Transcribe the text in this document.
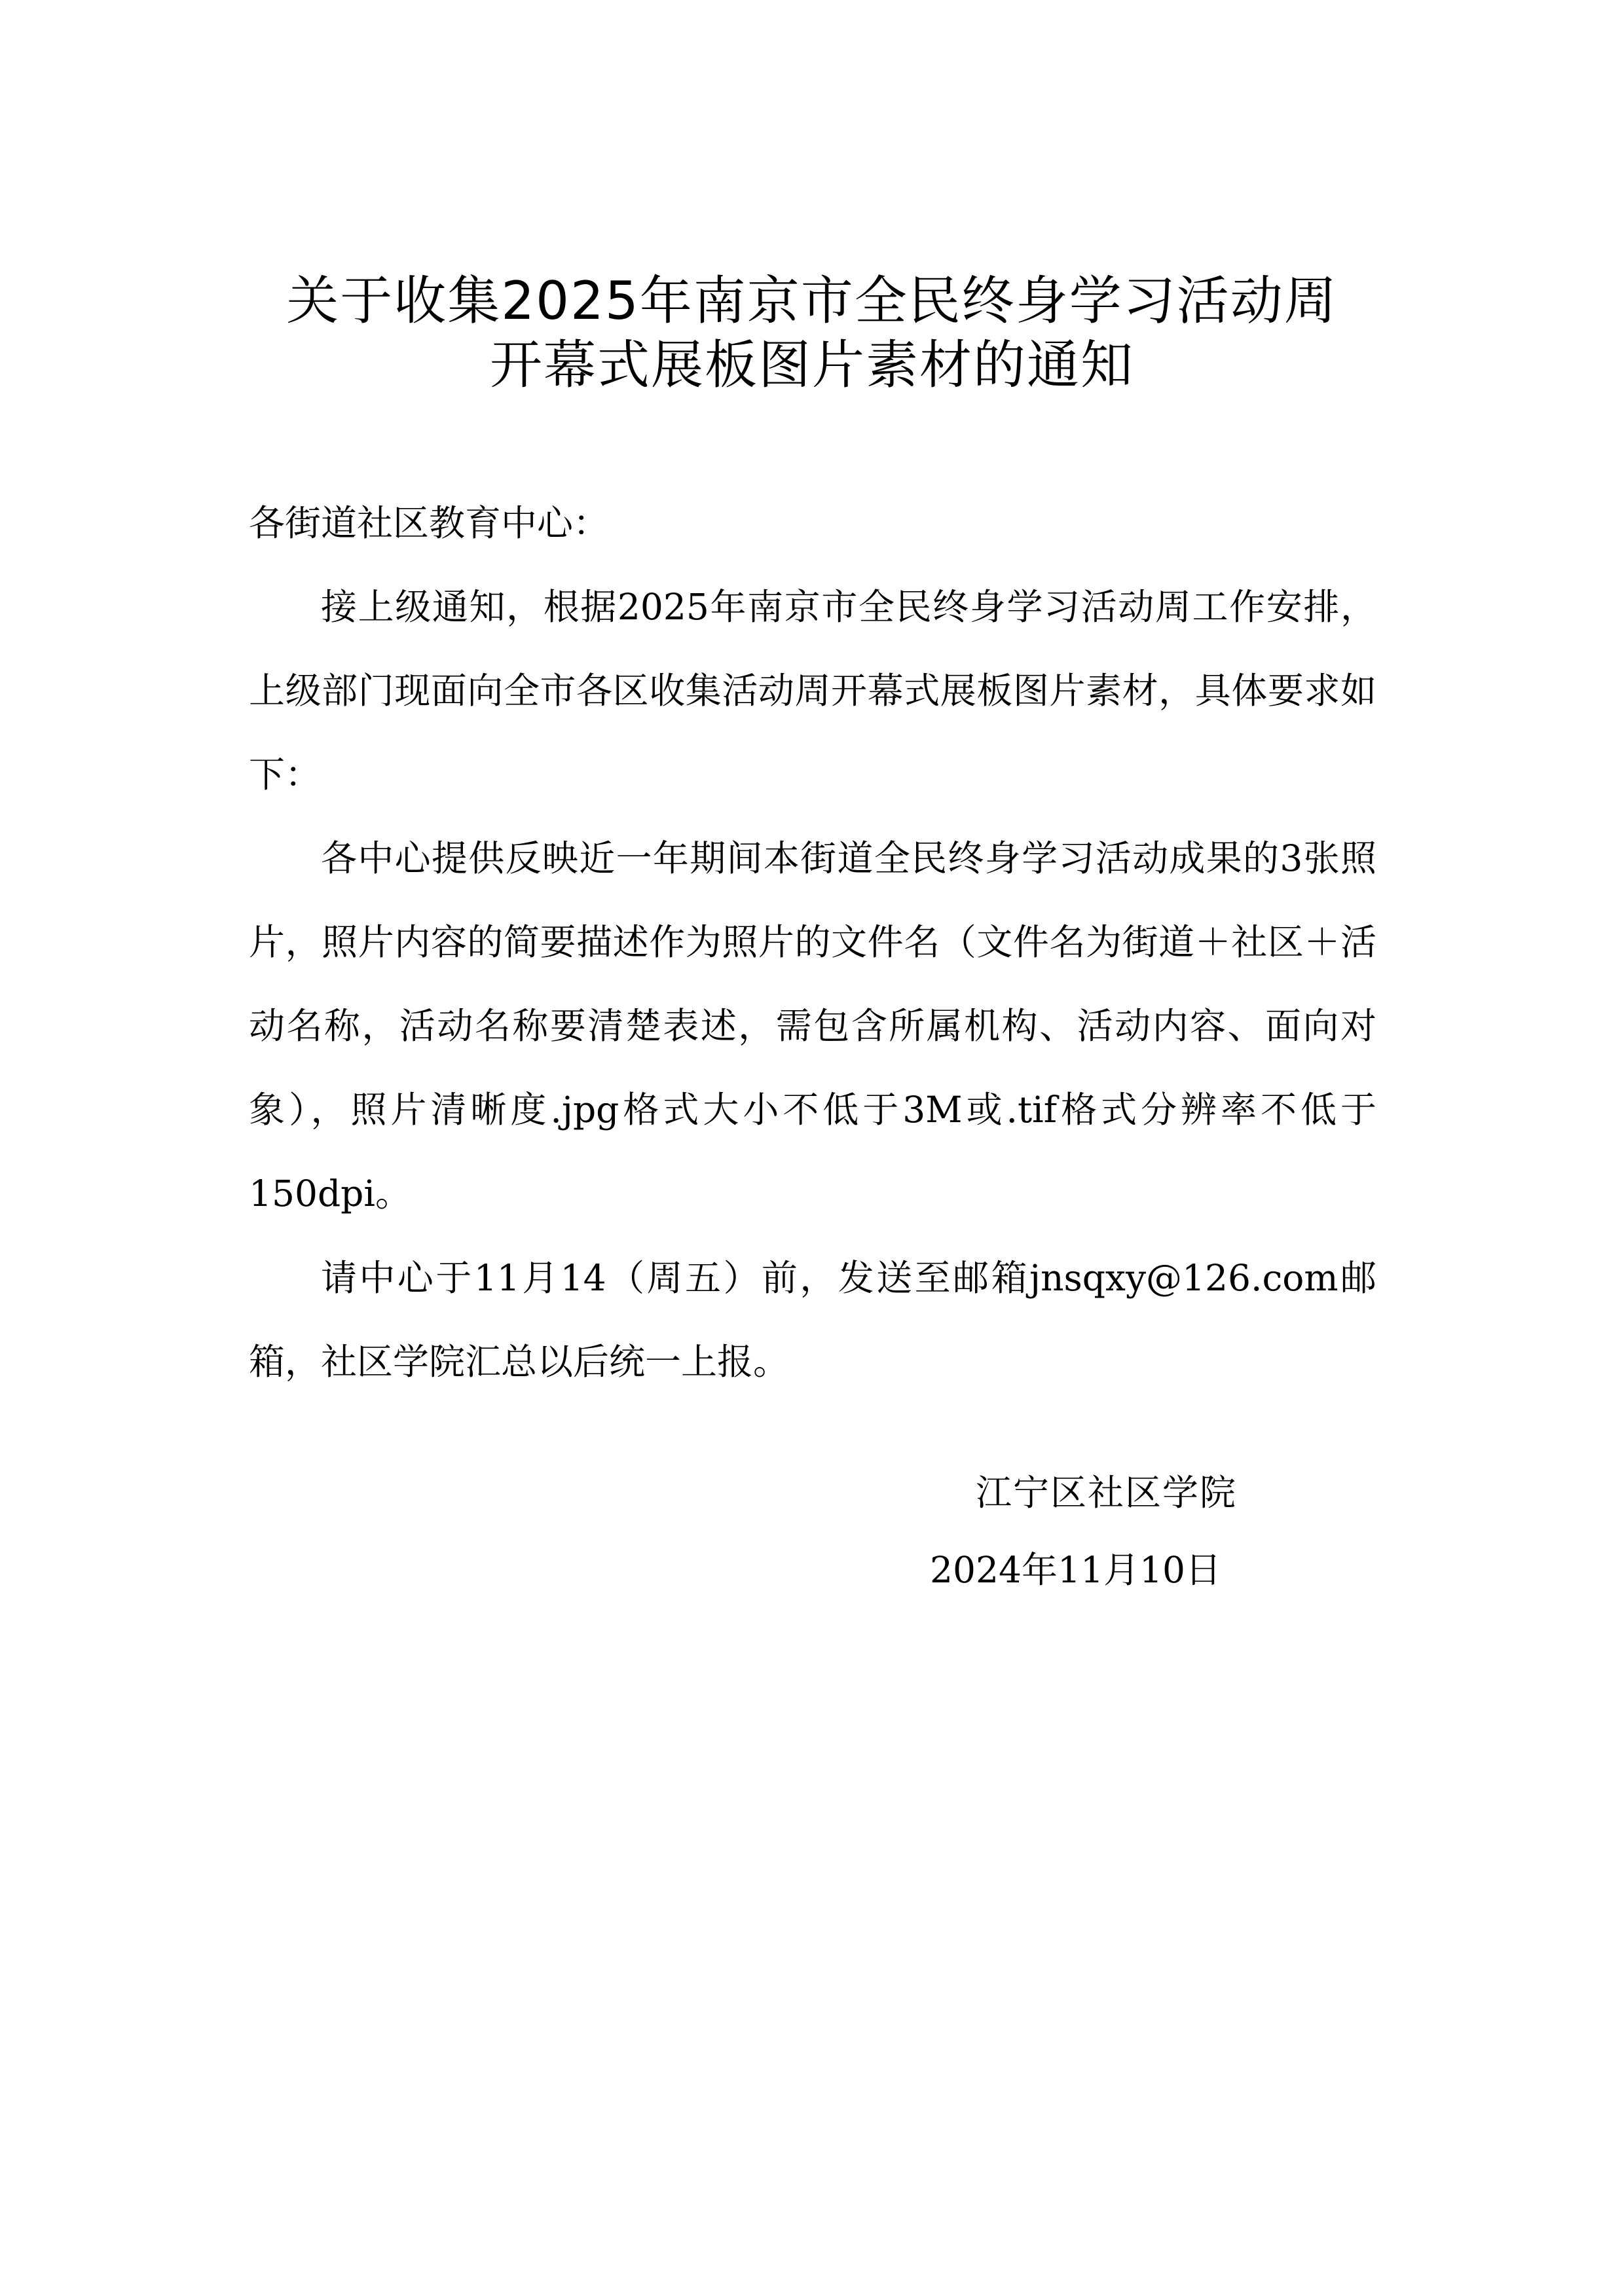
关于收集2025年南京市全民终身学习活动周
开幕式展板图片素材的通知
各街道社区教育中心：

接上级通知，根据2025年南京市全民终身学习活动周工作安排，上级部门现面向全市各区收集活动周开幕式展板图片素材，具体要求如下：

各中心提供反映近一年期间本街道全民终身学习活动成果的3张照片，照片内容的简要描述作为照片的文件名（文件名为街道＋社区＋活动名称，活动名称要清楚表述，需包含所属机构、活动内容、面向对象），照片清晰度.jpg格式大小不低于3M或.tif格式分辨率不低于150dpi。

请中心于11月14（周五）前，发送至邮箱jnsqxy@126.com邮箱，社区学院汇总以后统一上报。

江宁区社区学院
2024年11月10日
